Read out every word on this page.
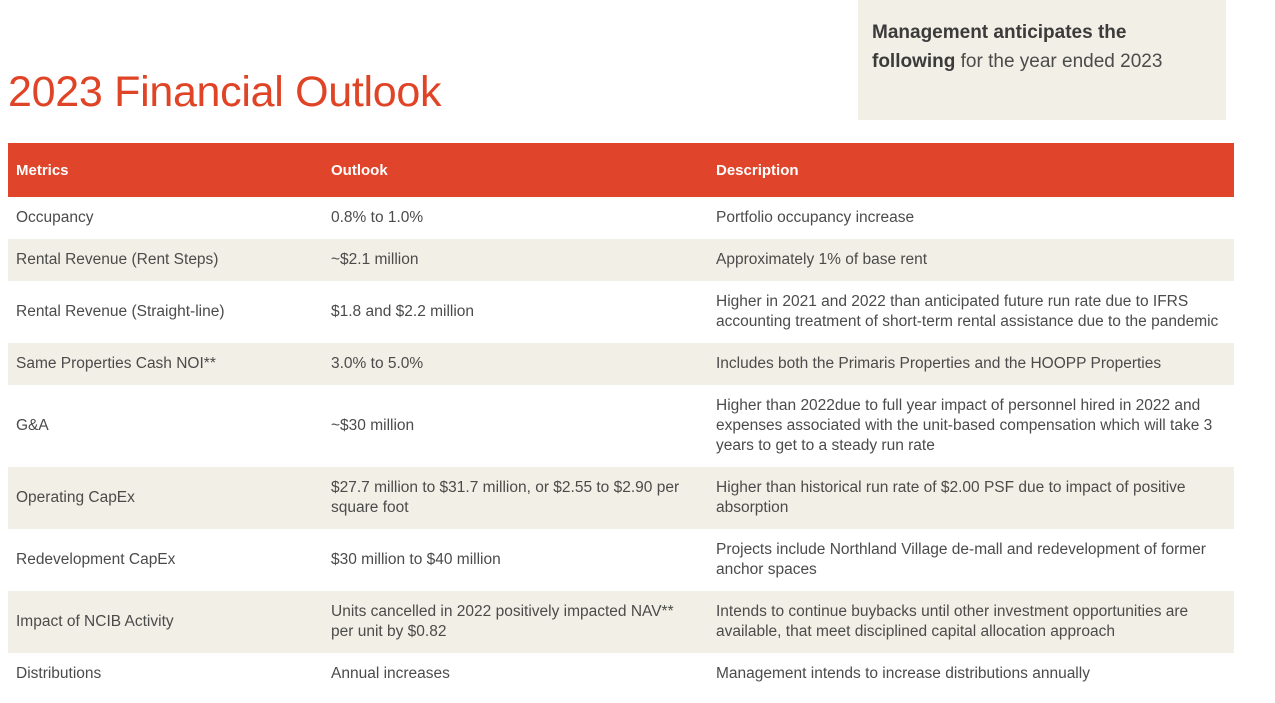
Management anticipates the following for the year ended 2023

2023 Financial Outlook
Metrics	Outlook	Description
Occupancy	0.8% to 1.0%	Portfolio occupancy increase
Rental Revenue (Rent Steps)	~$2.1 million	Approximately 1% of base rent
Rental Revenue (Straight-line)	$1.8 and $2.2 million	Higher in 2021 and 2022 than anticipated future run rate due to IFRS accounting treatment of short-term rental assistance due to the pandemic
Same Properties Cash NOI**	3.0% to 5.0%	Includes both the Primaris Properties and the HOOPP Properties
G&A	~$30 million	Higher than 2022due to full year impact of personnel hired in 2022 and expenses associated with the unit-based compensation which will take 3 years to get to a steady run rate
Operating CapEx	$27.7 million to $31.7 million, or $2.55 to $2.90 per square foot	Higher than historical run rate of $2.00 PSF due to impact of positive absorption
Redevelopment CapEx	$30 million to $40 million	Projects include Northland Village de-mall and redevelopment of former anchor spaces
Impact of NCIB Activity	Units cancelled in 2022 positively impacted NAV** per unit by $0.82	Intends to continue buybacks until other investment opportunities are available, that meet disciplined capital allocation approach
Distributions	Annual increases	Management intends to increase distributions annually
